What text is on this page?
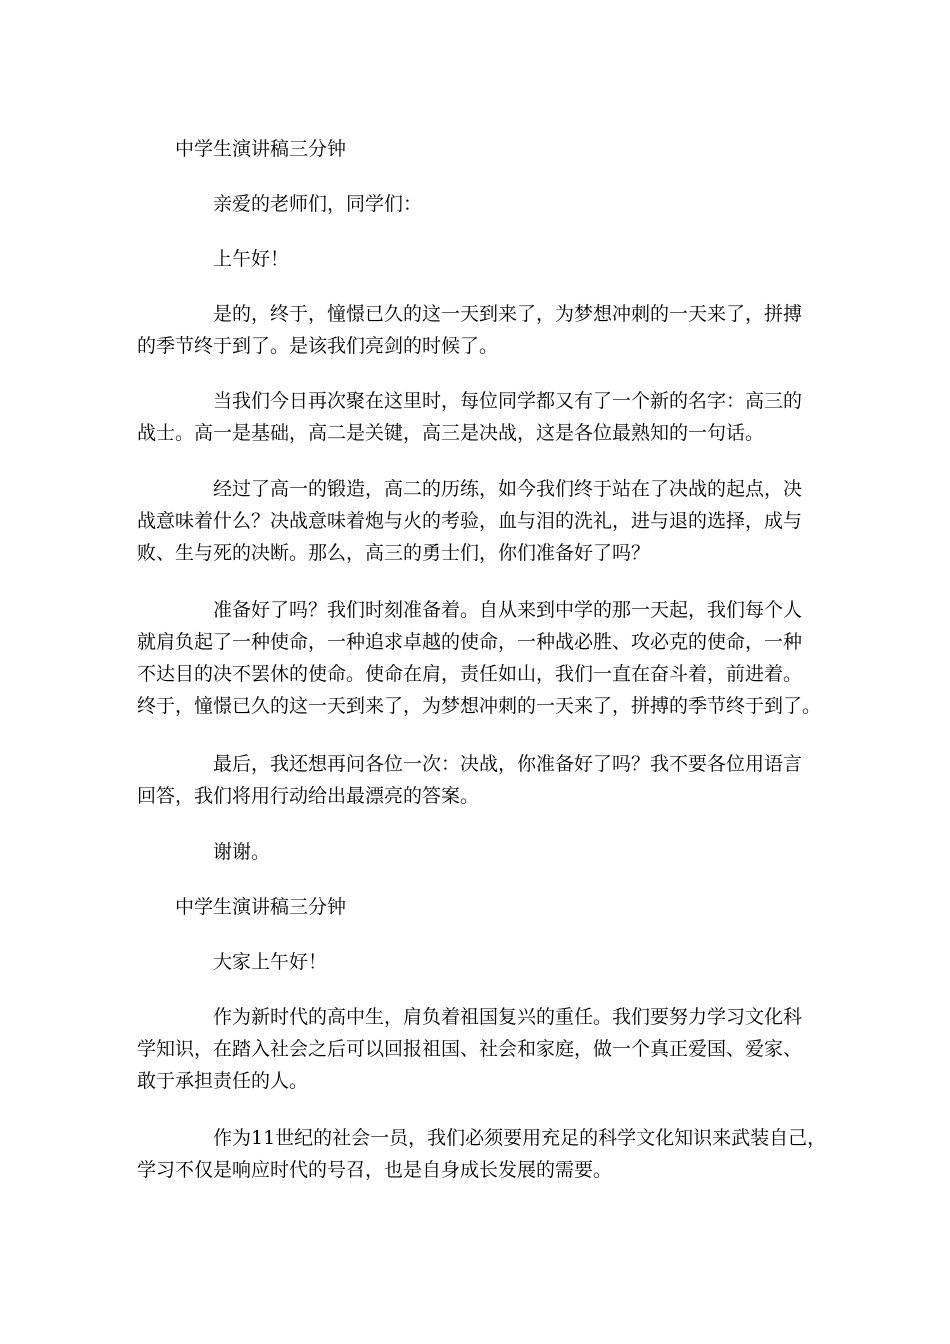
中学生演讲稿三分钟
亲爱的老师们，同学们：
上午好！
是的，终于，憧憬已久的这一天到来了，为梦想冲刺的一天来了，拼搏
的季节终于到了。是该我们亮剑的时候了。
当我们今日再次聚在这里时，每位同学都又有了一个新的名字：高三的
战士。高一是基础，高二是关键，高三是决战，这是各位最熟知的一句话。
经过了高一的锻造，高二的历练，如今我们终于站在了决战的起点，决
战意味着什么？决战意味着炮与火的考验，血与泪的洗礼，进与退的选择，成与
败、生与死的决断。那么，高三的勇士们，你们准备好了吗？
准备好了吗？我们时刻准备着。自从来到中学的那一天起，我们每个人
就肩负起了一种使命，一种追求卓越的使命，一种战必胜、攻必克的使命，一种
不达目的决不罢休的使命。使命在肩，责任如山，我们一直在奋斗着，前进着。
终于，憧憬已久的这一天到来了，为梦想冲刺的一天来了，拼搏的季节终于到了。
最后，我还想再问各位一次：决战，你准备好了吗？我不要各位用语言
回答，我们将用行动给出最漂亮的答案。
谢谢。
中学生演讲稿三分钟
大家上午好！
作为新时代的高中生，肩负着祖国复兴的重任。我们要努力学习文化科
学知识，在踏入社会之后可以回报祖国、社会和家庭，做一个真正爱国、爱家、
敢于承担责任的人。
作为11世纪的社会一员，我们必须要用充足的科学文化知识来武装自己，
学习不仅是响应时代的号召，也是自身成长发展的需要。
